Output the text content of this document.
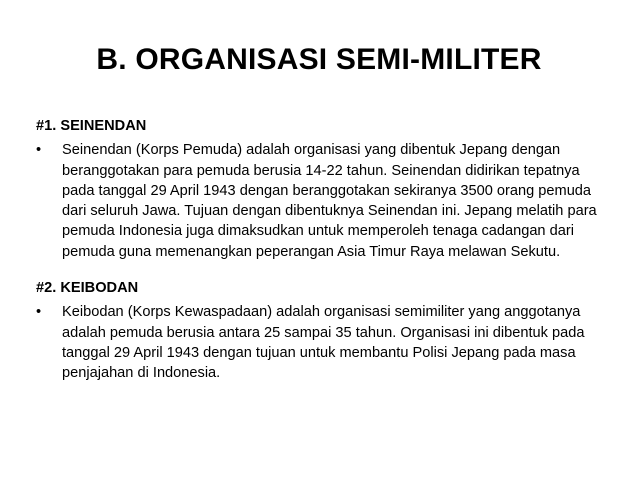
B. ORGANISASI SEMI-MILITER

#1. SEINENDAN

• Seinendan (Korps Pemuda) adalah organisasi yang dibentuk Jepang dengan beranggotakan para pemuda berusia 14-22 tahun. Seinendan didirikan tepatnya pada tanggal 29 April 1943 dengan beranggotakan sekiranya 3500 orang pemuda dari seluruh Jawa. Tujuan dengan dibentuknya Seinendan ini. Jepang melatih para pemuda Indonesia juga dimaksudkan untuk memperoleh tenaga cadangan dari pemuda guna memenangkan peperangan Asia Timur Raya melawan Sekutu.

#2. KEIBODAN

• Keibodan (Korps Kewaspadaan) adalah organisasi semimiliter yang anggotanya adalah pemuda berusia antara 25 sampai 35 tahun. Organisasi ini dibentuk pada tanggal 29 April 1943 dengan tujuan untuk membantu Polisi Jepang pada masa penjajahan di Indonesia.
